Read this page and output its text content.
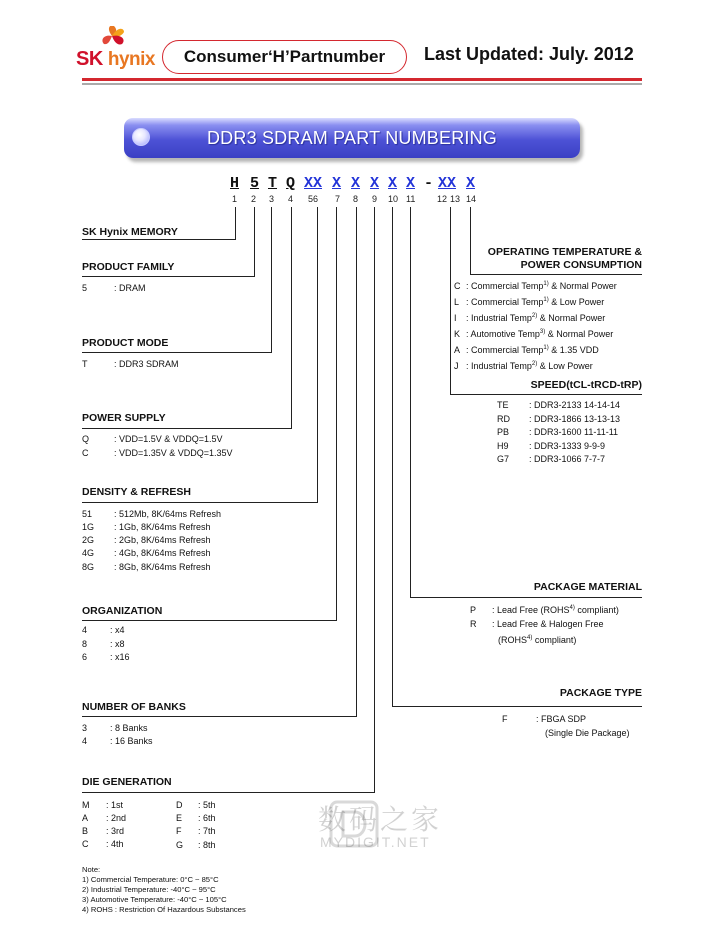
SK hynix	Consumer‘H’Partnumber	Last Updated: July. 2012
DDR3 SDRAM PART NUMBERING
H 5 T Q XX X X X X X - XX X
1 2 3 4 56 7 8 9 10 11 12 13 14
SK Hynix MEMORY
PRODUCT FAMILY
5	: DRAM
PRODUCT MODE
T	: DDR3 SDRAM
POWER SUPPLY
Q	: VDD=1.5V & VDDQ=1.5V
C	: VDD=1.35V & VDDQ=1.35V
DENSITY & REFRESH
51 : 512Mb, 8K/64ms Refresh
1G : 1Gb, 8K/64ms Refresh
2G : 2Gb, 8K/64ms Refresh
4G : 4Gb, 8K/64ms Refresh
8G : 8Gb, 8K/64ms Refresh
ORGANIZATION
4	: x4
8	: x8
6	: x16
NUMBER OF BANKS
3	: 8 Banks
4	: 16 Banks
DIE GENERATION
M : 1st
A : 2nd
B : 3rd
C : 4th
D : 5th
E : 6th
F : 7th
G : 8th
OPERATING TEMPERATURE &
POWER CONSUMPTION
C : Commercial Temp$^{1)}$ & Normal Power
L : Commercial Temp$^{1)}$ & Low Power
I : Industrial Temp$^{2)}$ & Normal Power
K : Automotive Temp$^{3)}$ & Normal Power
A : Commercial Temp$^{1)}$ & 1.35 VDD
J : Industrial Temp$^{2)}$ & Low Power
SPEED(tCL-tRCD-tRP)
TE : DDR3-2133 14-14-14
RD : DDR3-1866 13-13-13
PB : DDR3-1600 11-11-11
H9 : DDR3-1333 9-9-9
G7 : DDR3-1066 7-7-7
PACKAGE MATERIAL
P : Lead Free (ROHS$^{4)}$ compliant)
R : Lead Free & Halogen Free
(ROHS$^{4)}$ compliant)
PACKAGE TYPE
F	: FBGA SDP
(Single Die Package)
数码之家
MYDIGIT.NET
Note:
1) Commercial Temperature: 0°C ~ 85°C
2) Industrial Temperature: -40°C ~ 95°C
3) Automotive Temperature: -40°C ~ 105°C
4) ROHS : Restriction Of Hazardous Substances
